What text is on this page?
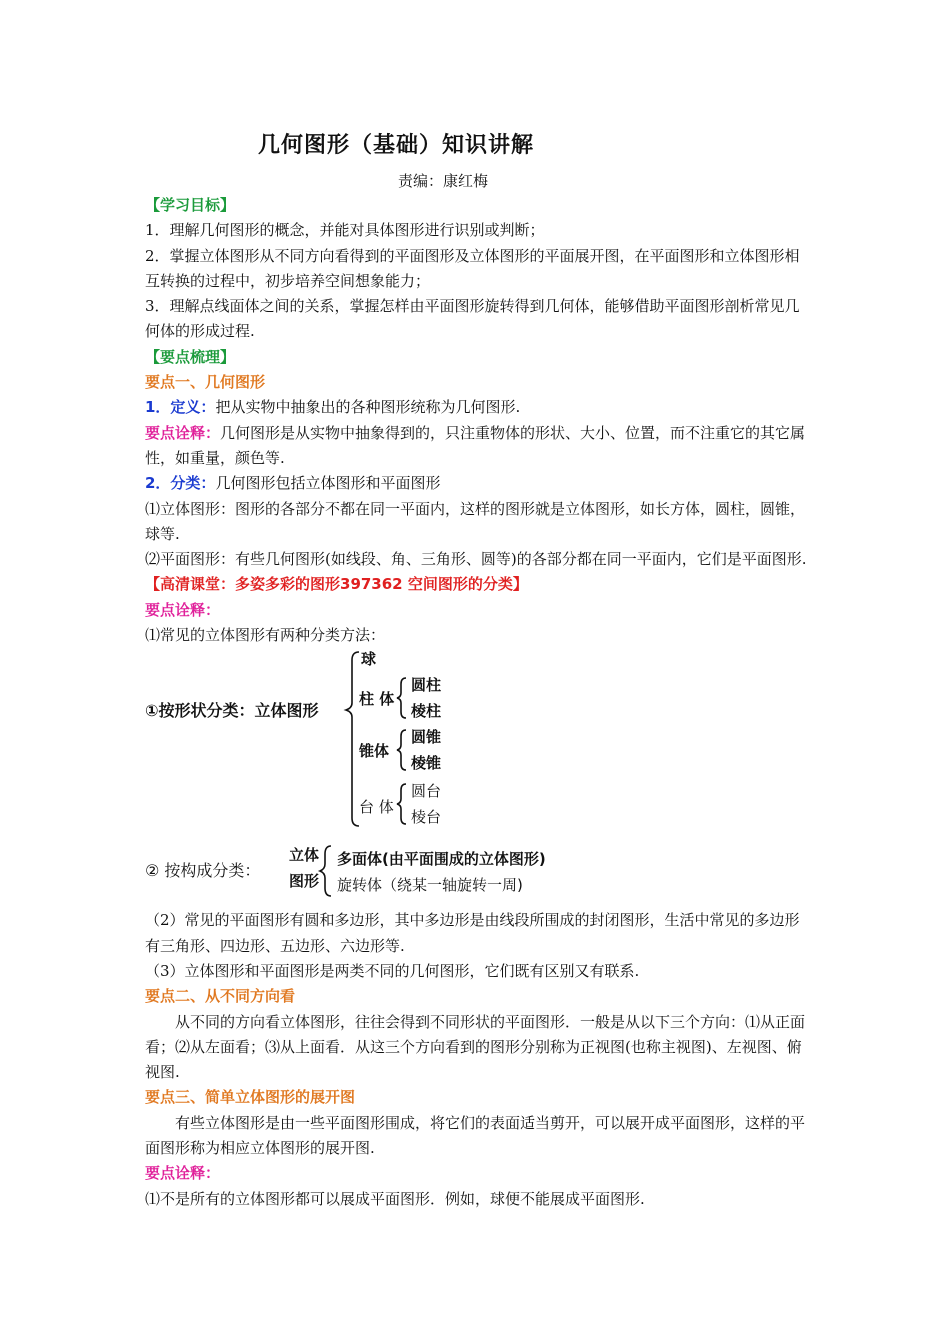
几何图形（基础）知识讲解
责编：康红梅

【学习目标】

1．理解几何图形的概念，并能对具体图形进行识别或判断；

2．掌握立体图形从不同方向看得到的平面图形及立体图形的平面展开图，在平面图形和立体图形相互转换的过程中，初步培养空间想象能力；

3．理解点线面体之间的关系，掌握怎样由平面图形旋转得到几何体，能够借助平面图形剖析常见几何体的形成过程.

【要点梳理】

要点一、几何图形

1．定义：把从实物中抽象出的各种图形统称为几何图形.

要点诠释：几何图形是从实物中抽象得到的，只注重物体的形状、大小、位置，而不注重它的其它属性，如重量，颜色等.

2．分类：几何图形包括立体图形和平面图形

⑴立体图形：图形的各部分不都在同一平面内，这样的图形就是立体图形，如长方体，圆柱，圆锥，球等.

⑵平面图形：有些几何图形(如线段、角、三角形、圆等)的各部分都在同一平面内，它们是平面图形.

【高清课堂：多姿多彩的图形397362 空间图形的分类】

要点诠释：

⑴常见的立体图形有两种分类方法：

①按形状分类：立体图形
球
柱 体
圆柱
棱柱
锥体
圆锥
棱锥
台 体
圆台
棱台
② 按构成分类：
立体
图形
多面体(由平面围成的立体图形)
旋转体（绕某一轴旋转一周)

（2）常见的平面图形有圆和多边形，其中多边形是由线段所围成的封闭图形，生活中常见的多边形有三角形、四边形、五边形、六边形等.

（3）立体图形和平面图形是两类不同的几何图形，它们既有区别又有联系.

要点二、从不同方向看

从不同的方向看立体图形，往往会得到不同形状的平面图形．一般是从以下三个方向：⑴从正面看；⑵从左面看；⑶从上面看．从这三个方向看到的图形分别称为正视图(也称主视图)、左视图、俯视图.

要点三、简单立体图形的展开图

有些立体图形是由一些平面图形围成，将它们的表面适当剪开，可以展开成平面图形，这样的平面图形称为相应立体图形的展开图.

要点诠释：

⑴不是所有的立体图形都可以展成平面图形．例如，球便不能展成平面图形.
